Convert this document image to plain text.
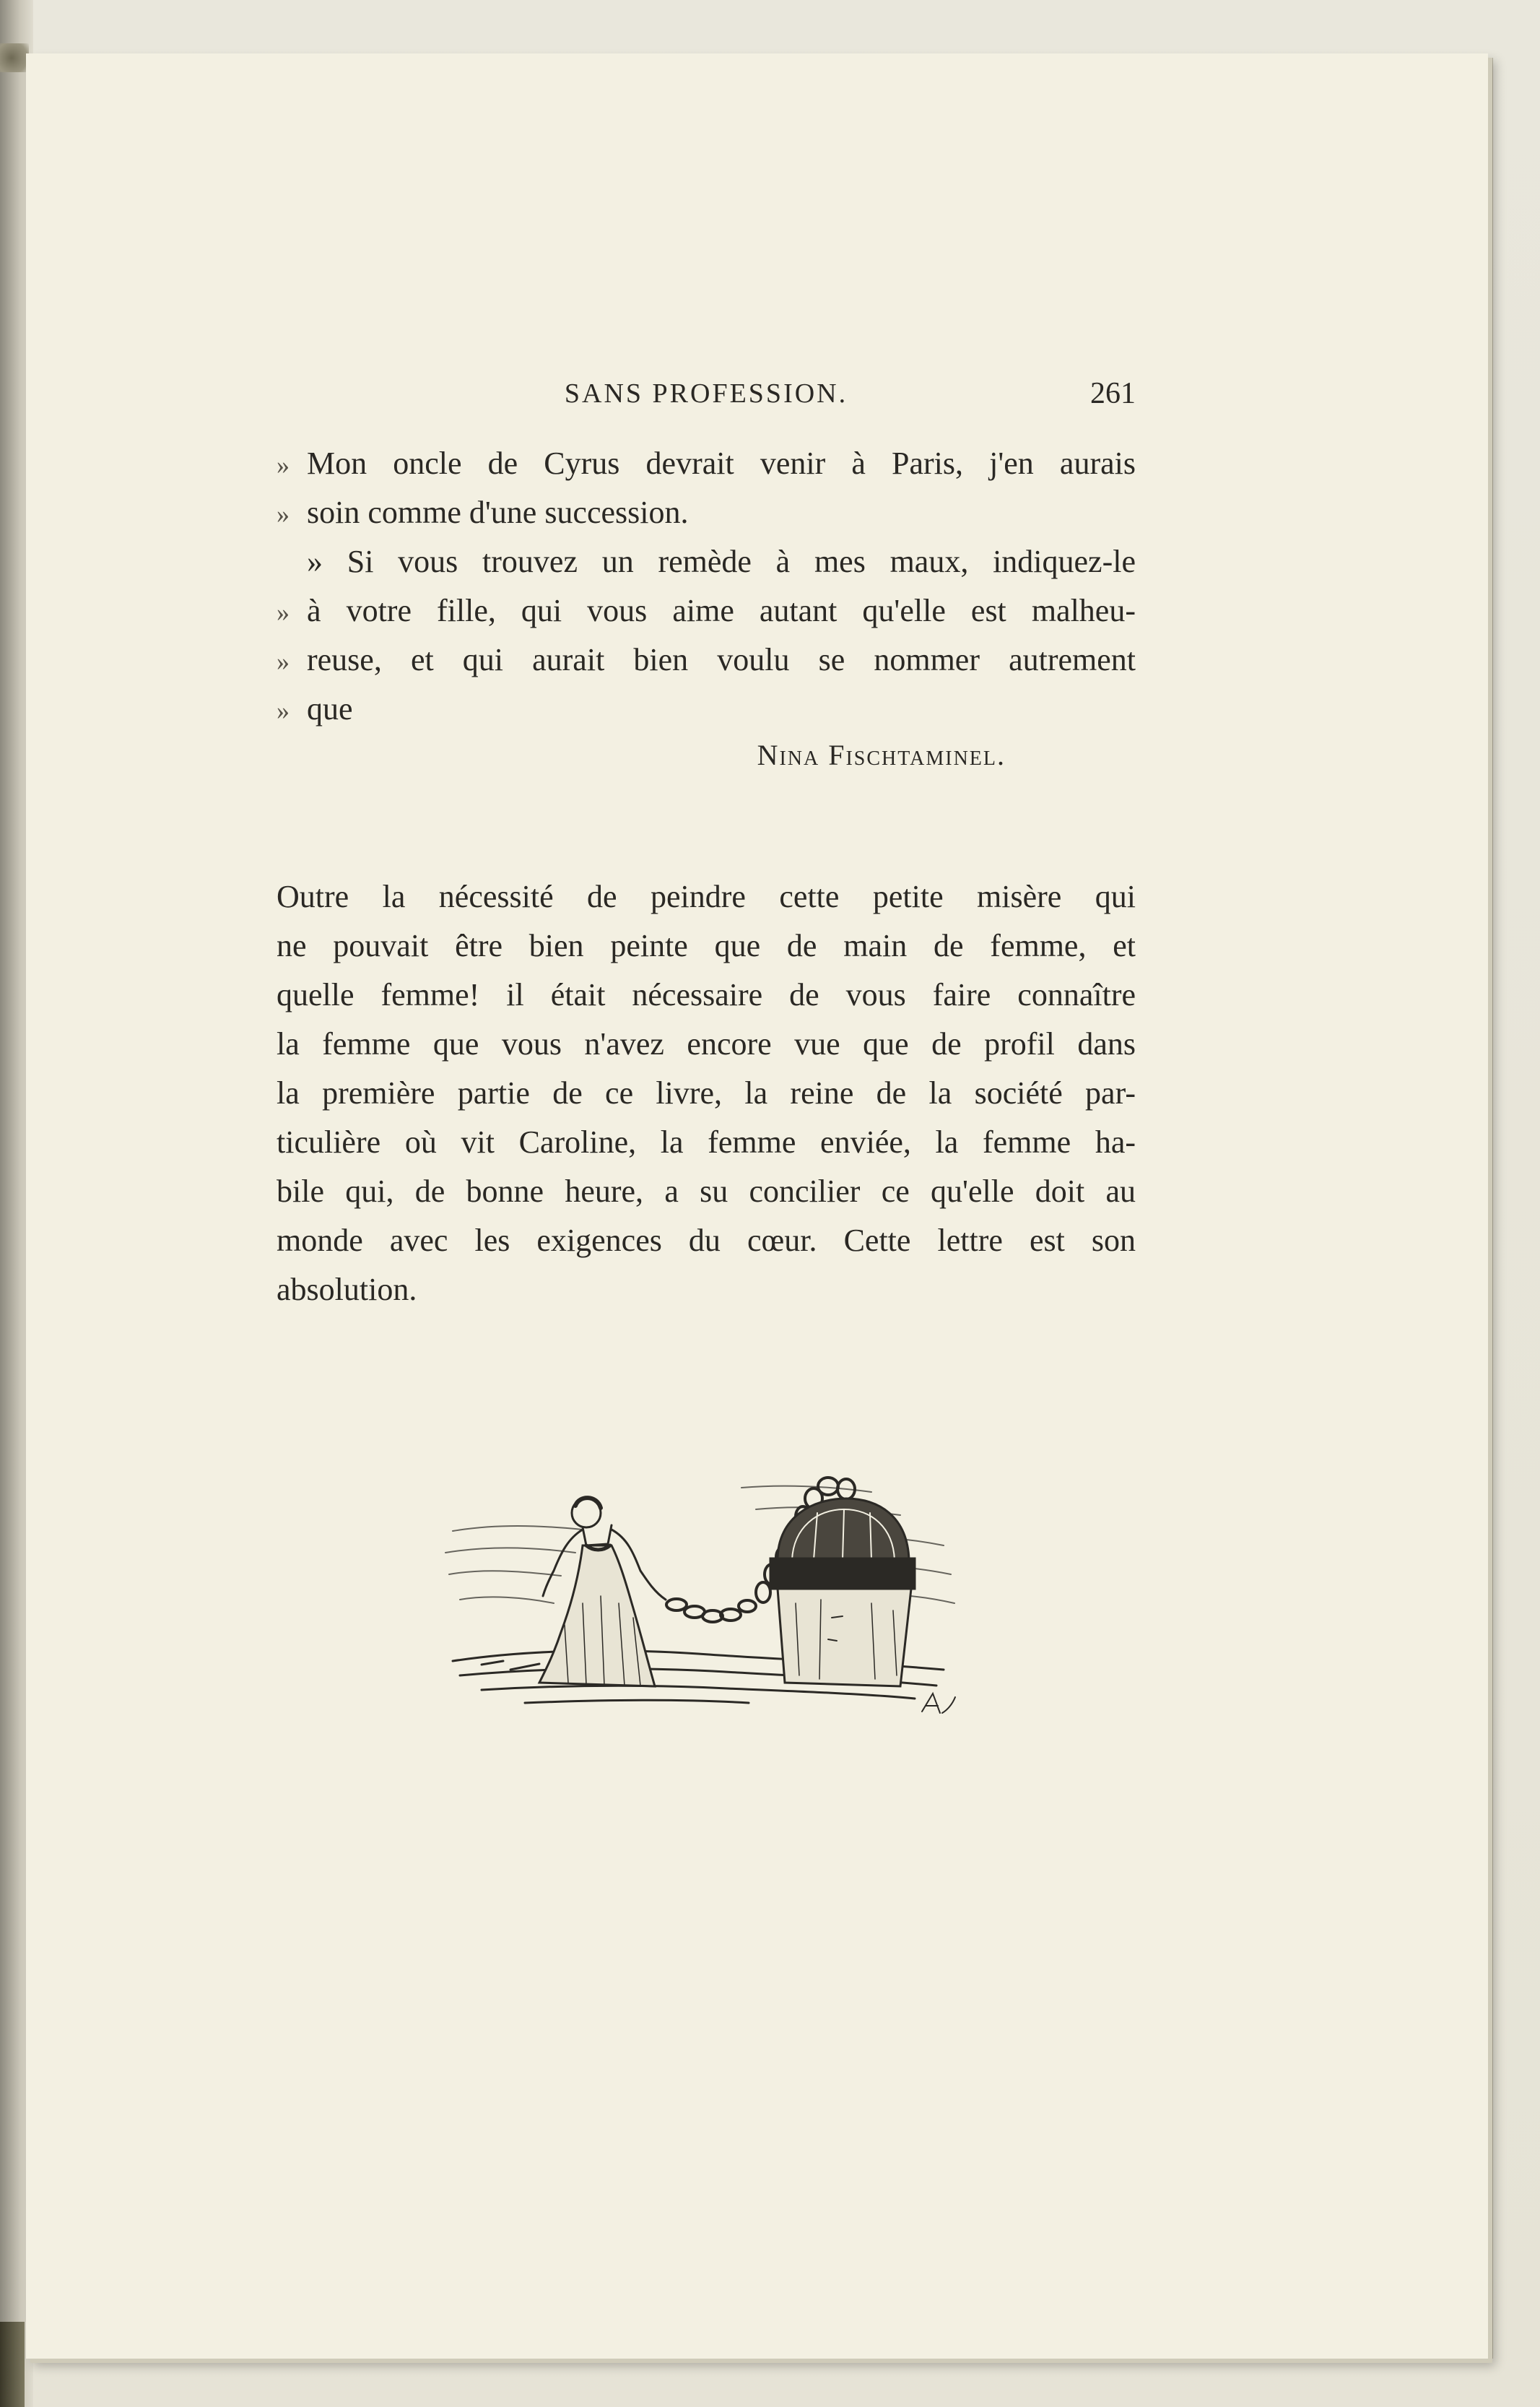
SANS PROFESSION.	261
» Mon oncle de Cyrus devrait venir à Paris, j'en aurais
» soin comme d'une succession.
» Si vous trouvez un remède à mes maux, indiquez-le
» à votre fille, qui vous aime autant qu'elle est malheu-
» reuse, et qui aurait bien voulu se nommer autrement
» que
Nina Fischtaminel.
Outre la nécessité de peindre cette petite misère qui
ne pouvait être bien peinte que de main de femme, et
quelle femme! il était nécessaire de vous faire connaître
la femme que vous n'avez encore vue que de profil dans
la première partie de ce livre, la reine de la société par-
ticulière où vit Caroline, la femme enviée, la femme ha-
bile qui, de bonne heure, a su concilier ce qu'elle doit au
monde avec les exigences du cœur. Cette lettre est son
absolution.
